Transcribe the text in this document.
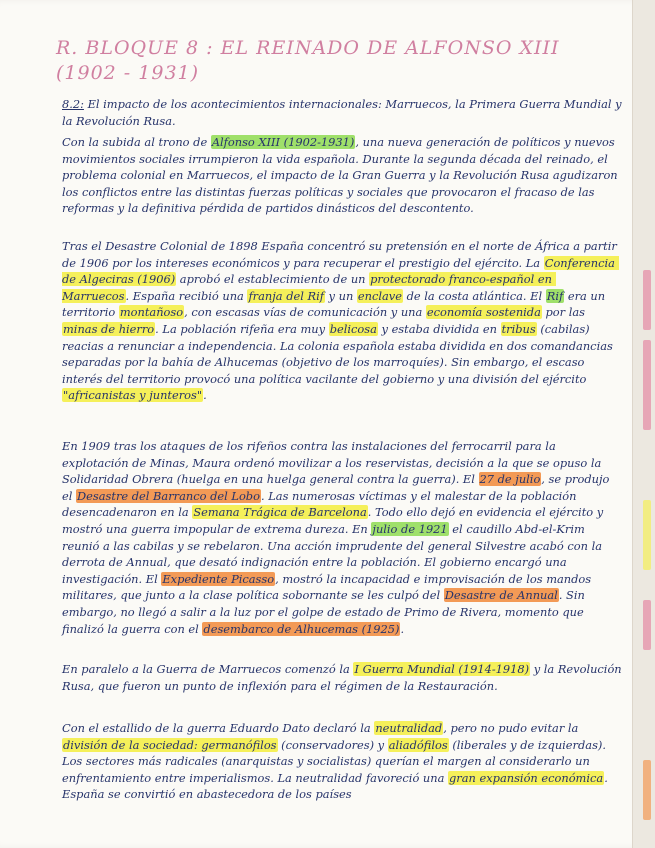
R. BLOQUE 8 : EL REINADO DE ALFONSO XIII
(1902 - 1931)
8.2: El impacto de los acontecimientos internacionales: Marruecos, la Primera Guerra Mundial y la Revolución Rusa.
Con la subida al trono de Alfonso XIII (1902-1931), una nueva generación de políticos y nuevos movimientos sociales irrumpieron la vida española. Durante la segunda década del reinado, el problema colonial en Marruecos, el impacto de la Gran Guerra y la Revolución Rusa agudizaron los conflictos entre las distintas fuerzas políticas y sociales que provocaron el fracaso de las reformas y la definitiva pérdida de partidos dinásticos del descontento.
Tras el Desastre Colonial de 1898 España concentró su pretensión en el norte de África a partir de 1906 por los intereses económicos y para recuperar el prestigio del ejército. La Conferencia de Algeciras (1906) aprobó el establecimiento de un protectorado franco-español en Marruecos. España recibió una franja del Rif y un enclave de la costa atlántica. El Rif era un territorio montañoso, con escasas vías de comunicación y una economía sostenida por las minas de hierro. La población rifeña era muy belicosa y estaba dividida en tribus (cabilas) reacias a renunciar a independencia. La colonia española estaba dividida en dos comandancias separadas por la bahía de Alhucemas (objetivo de los marroquíes). Sin embargo, el escaso interés del territorio provocó una política vacilante del gobierno y una división del ejército "africanistas y junteros".
En 1909 tras los ataques de los rifeños contra las instalaciones del ferrocarril para la explotación de Minas, Maura ordenó movilizar a los reservistas, decisión a la que se opuso la Solidaridad Obrera (huelga en una huelga general contra la guerra). El 27 de julio, se produjo el Desastre del Barranco del Lobo. Las numerosas víctimas y el malestar de la población desencadenaron en la Semana Trágica de Barcelona. Todo ello dejó en evidencia el ejército y mostró una guerra impopular de extrema dureza. En julio de 1921 el caudillo Abd-el-Krim reunió a las cabilas y se rebelaron. Una acción imprudente del general Silvestre acabó con la derrota de Annual, que desató indignación entre la población. El gobierno encargó una investigación. El Expediente Picasso, mostró la incapacidad e improvisación de los mandos militares, que junto a la clase política sobornante se les culpó del Desastre de Annual. Sin embargo, no llegó a salir a la luz por el golpe de estado de Primo de Rivera, momento que finalizó la guerra con el desembarco de Alhucemas (1925).
En paralelo a la Guerra de Marruecos comenzó la I Guerra Mundial (1914-1918) y la Revolución Rusa, que fueron un punto de inflexión para el régimen de la Restauración.
Con el estallido de la guerra Eduardo Dato declaró la neutralidad, pero no pudo evitar la división de la sociedad: germanófilos (conservadores) y aliadófilos (liberales y de izquierdas). Los sectores más radicales (anarquistas y socialistas) querían el margen al considerarlo un enfrentamiento entre imperialismos. La neutralidad favoreció una gran expansión económica. España se convirtió en abastecedora de los países
